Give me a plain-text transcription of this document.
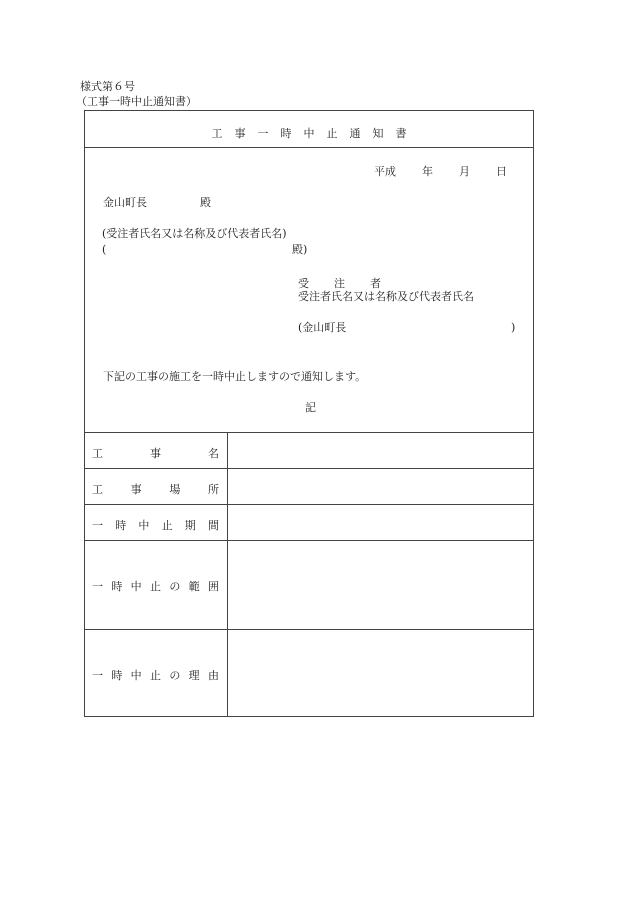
様式第６号
（工事一時中止通知書）
工事一時中止通知書
平成 年 月 日
金山町長	殿
(受注者氏名又は名称及び代表者氏名)
(	殿)
受 注 者
受注者氏名又は名称及び代表者氏名
(金山町長	)
下記の工事の施工を一時中止しますので通知します。
記
工	事	名
工	事	場	所
一 時 中 止 期 間
一 時 中 止 の 範 囲
一 時 中 止 の 理 由
